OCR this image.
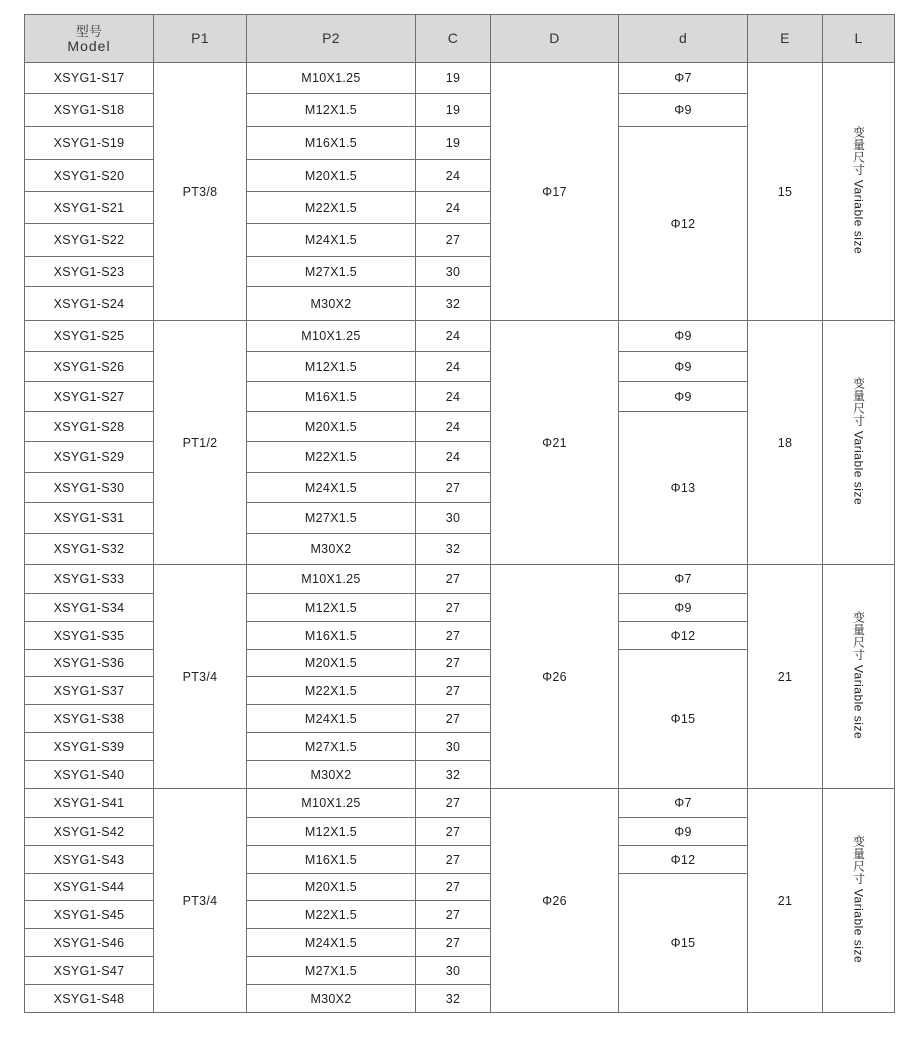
型号
Model	P1	P2	C	D	d	E	L
XSYG1-S17	PT3/8	M10X1.25	19	Φ17	Φ7	15	变量尺寸 Variable size
XSYG1-S18		M12X1.5	19		Φ9		
XSYG1-S19		M16X1.5	19		Φ12		
XSYG1-S20		M20X1.5	24				
XSYG1-S21		M22X1.5	24				
XSYG1-S22		M24X1.5	27				
XSYG1-S23		M27X1.5	30				
XSYG1-S24		M30X2	32				
XSYG1-S25	PT1/2	M10X1.25	24	Φ21	Φ9	18	变量尺寸 Variable size
XSYG1-S26		M12X1.5	24		Φ9		
XSYG1-S27		M16X1.5	24		Φ9		
XSYG1-S28		M20X1.5	24		Φ13		
XSYG1-S29		M22X1.5	24				
XSYG1-S30		M24X1.5	27				
XSYG1-S31		M27X1.5	30				
XSYG1-S32		M30X2	32				
XSYG1-S33	PT3/4	M10X1.25	27	Φ26	Φ7	21	变量尺寸 Variable size
XSYG1-S34		M12X1.5	27		Φ9		
XSYG1-S35		M16X1.5	27		Φ12		
XSYG1-S36		M20X1.5	27		Φ15		
XSYG1-S37		M22X1.5	27				
XSYG1-S38		M24X1.5	27				
XSYG1-S39		M27X1.5	30				
XSYG1-S40		M30X2	32				
XSYG1-S41	PT3/4	M10X1.25	27	Φ26	Φ7	21	变量尺寸 Variable size
XSYG1-S42		M12X1.5	27		Φ9		
XSYG1-S43		M16X1.5	27		Φ12		
XSYG1-S44		M20X1.5	27		Φ15		
XSYG1-S45		M22X1.5	27				
XSYG1-S46		M24X1.5	27				
XSYG1-S47		M27X1.5	30				
XSYG1-S48		M30X2	32				
